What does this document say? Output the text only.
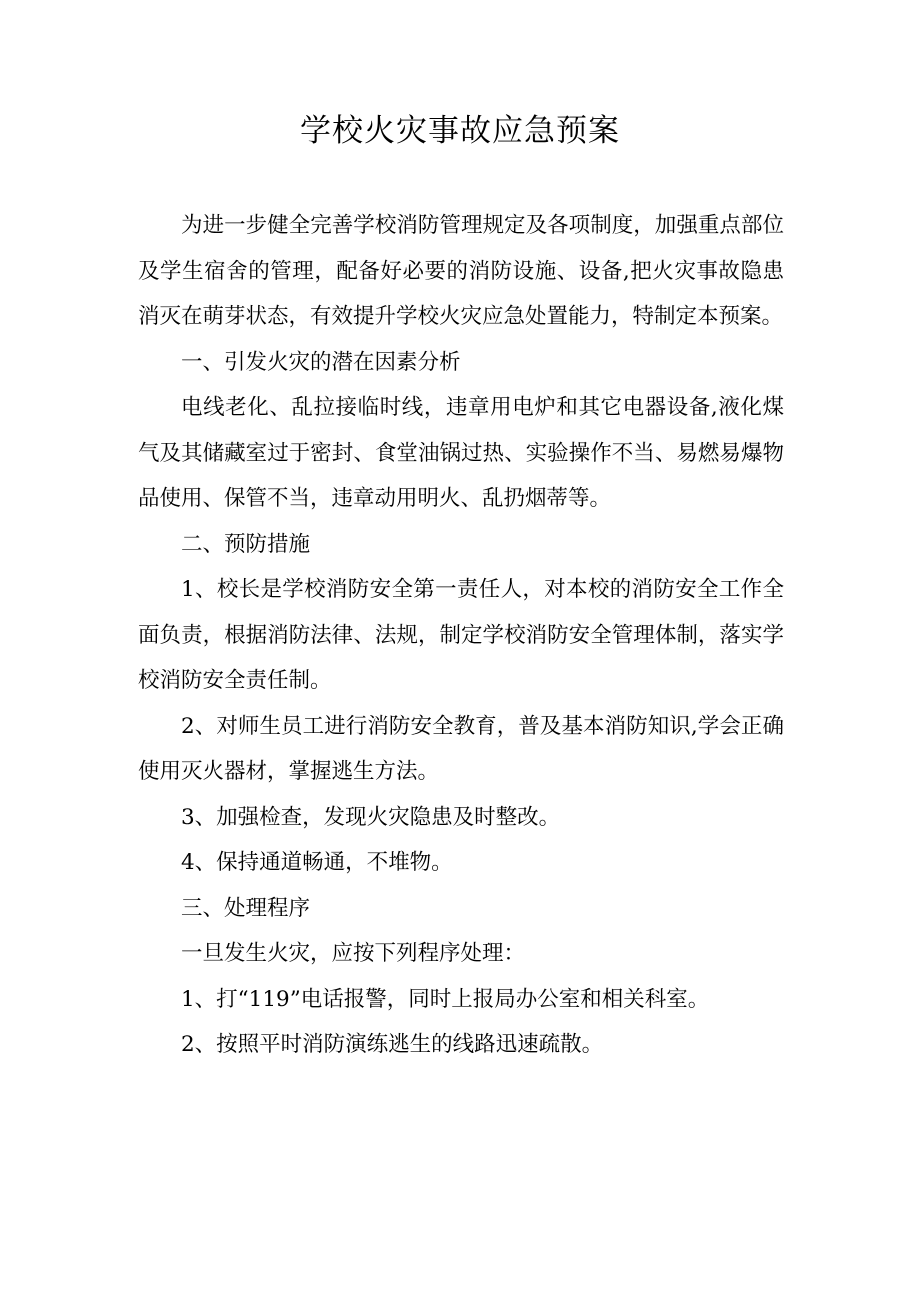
学校火灾事故应急预案

为进一步健全完善学校消防管理规定及各项制度，加强重点部位及学生宿舍的管理，配备好必要的消防设施、设备,把火灾事故隐患消灭在萌芽状态，有效提升学校火灾应急处置能力，特制定本预案。

一、引发火灾的潜在因素分析

电线老化、乱拉接临时线，违章用电炉和其它电器设备,液化煤气及其储藏室过于密封、食堂油锅过热、实验操作不当、易燃易爆物品使用、保管不当，违章动用明火、乱扔烟蒂等。

二、预防措施

1、校长是学校消防安全第一责任人，对本校的消防安全工作全面负责，根据消防法律、法规，制定学校消防安全管理体制，落实学校消防安全责任制。

2、对师生员工进行消防安全教育，普及基本消防知识,学会正确使用灭火器材，掌握逃生方法。

3、加强检查，发现火灾隐患及时整改。

4、保持通道畅通，不堆物。

三、处理程序

一旦发生火灾，应按下列程序处理：

1、打“119”电话报警，同时上报局办公室和相关科室。

2、按照平时消防演练逃生的线路迅速疏散。
